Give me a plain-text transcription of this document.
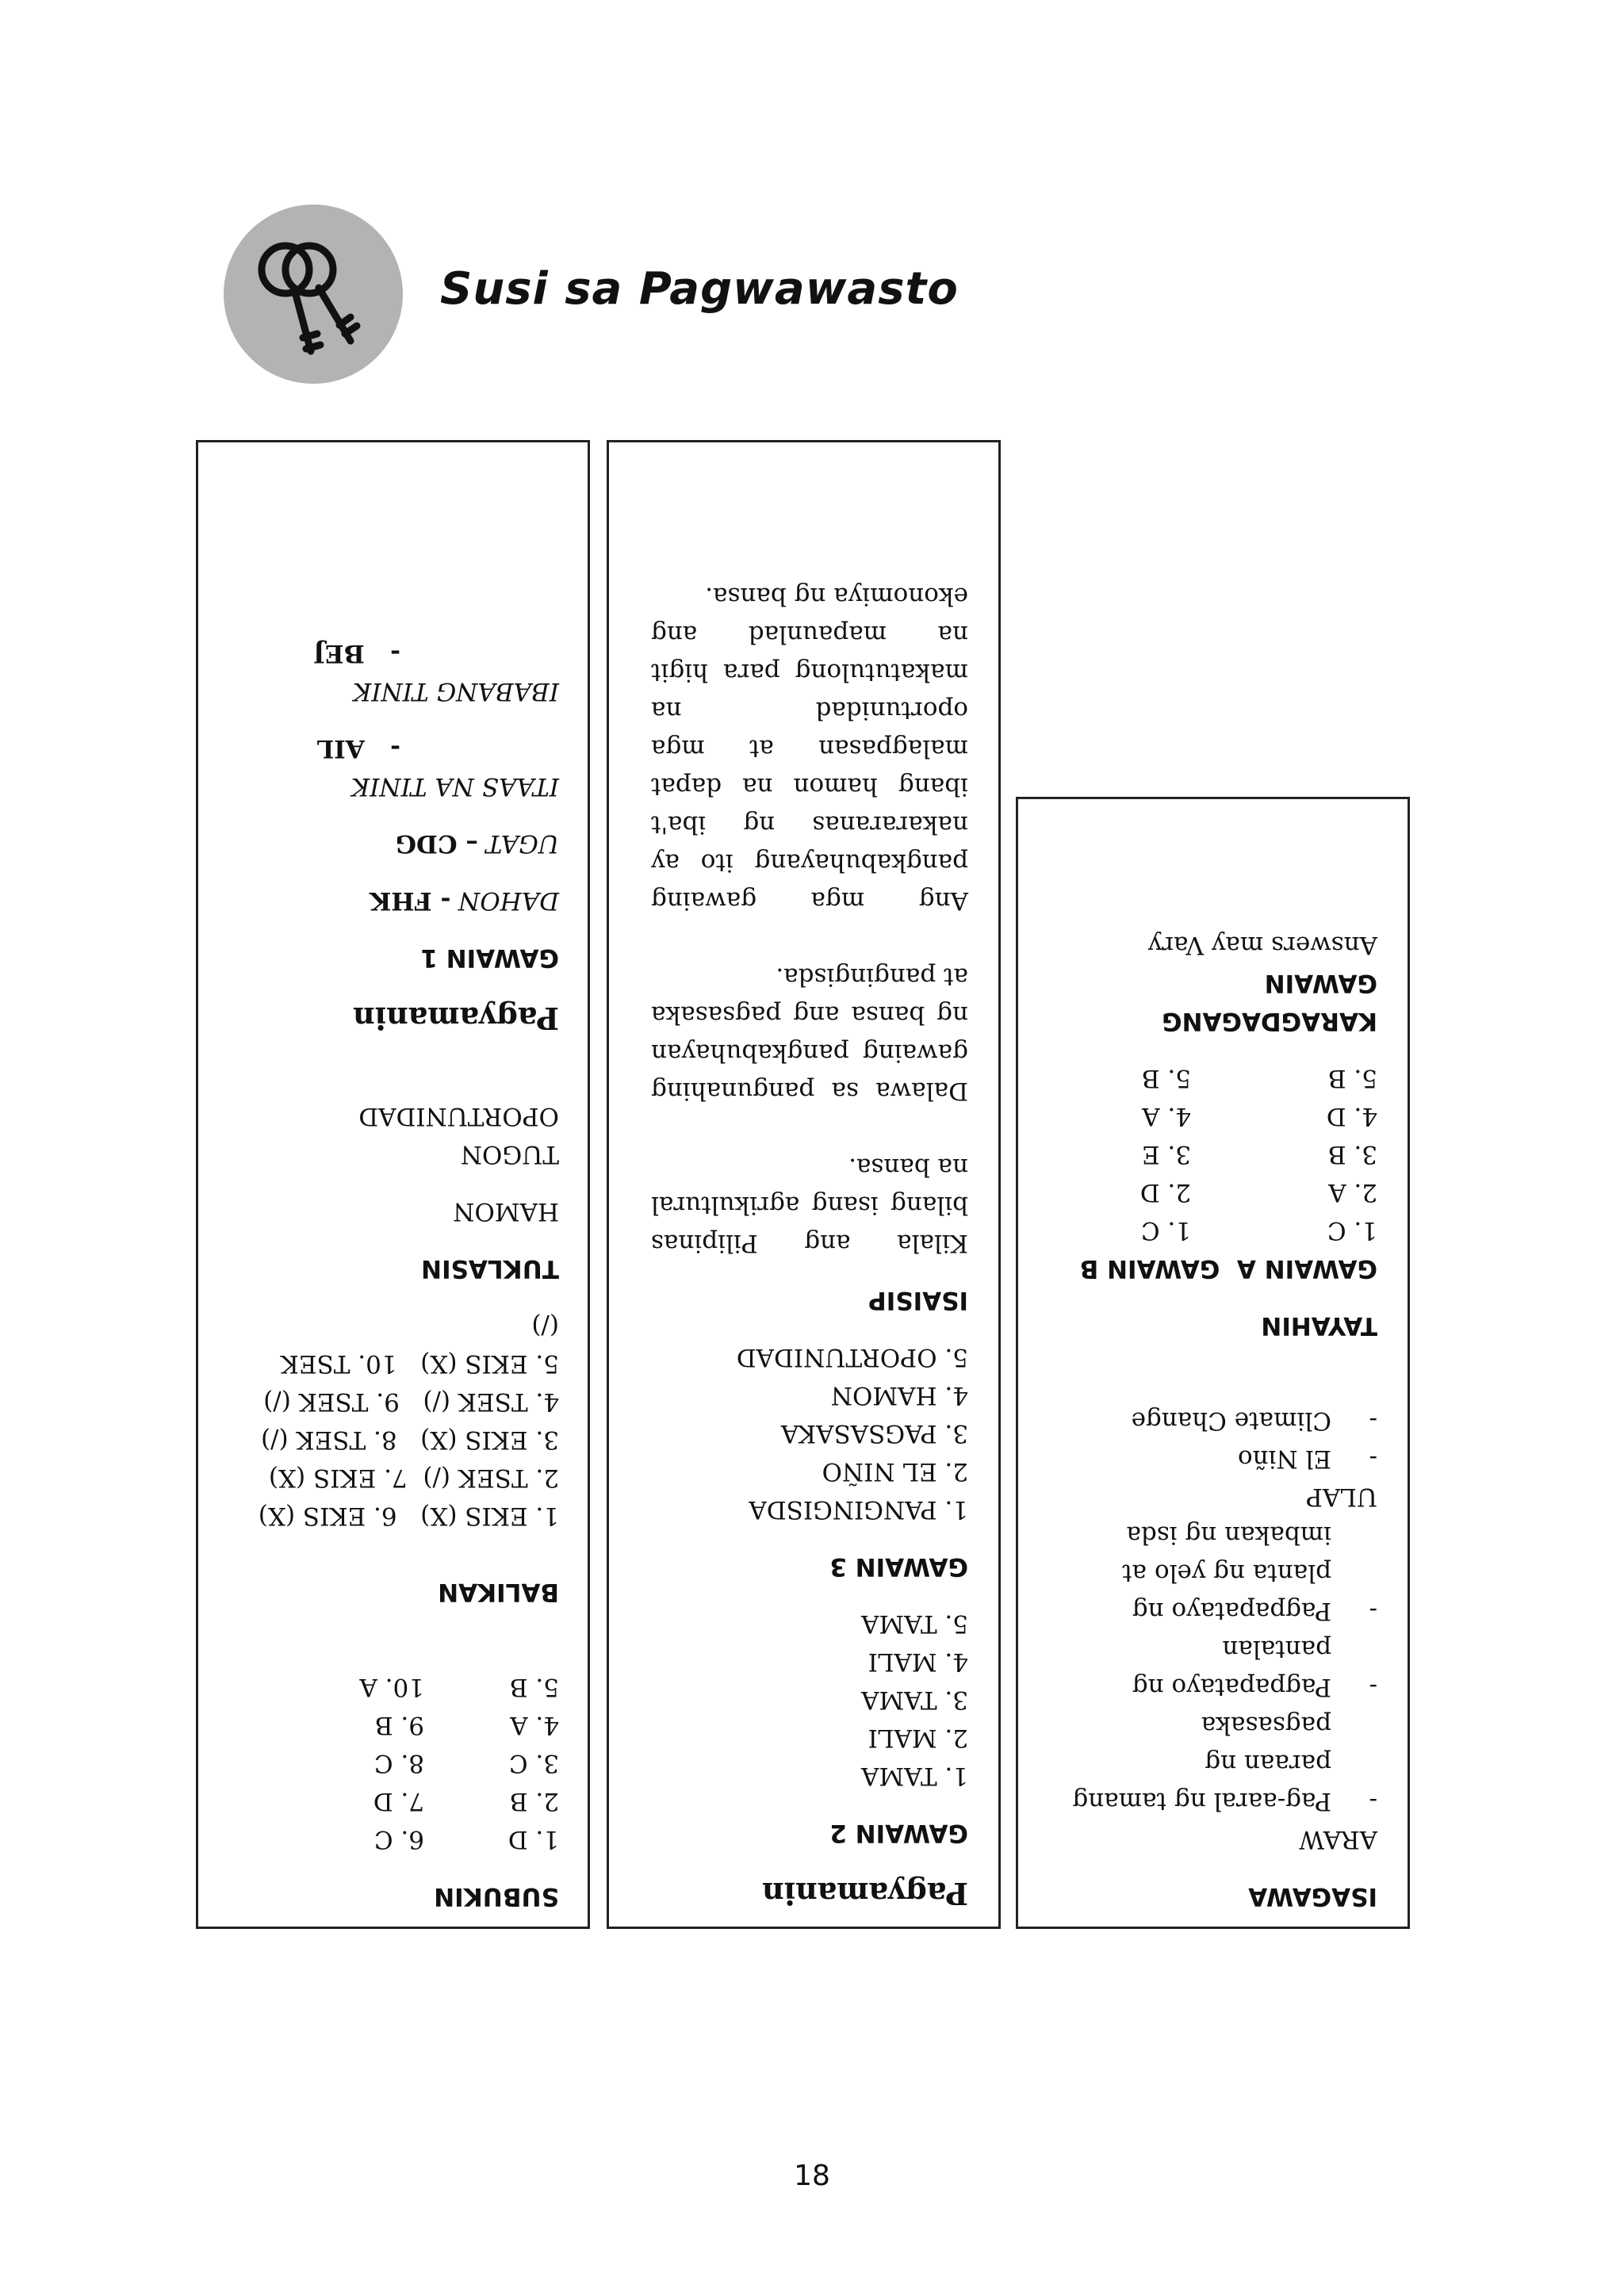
Susi sa Pagwawasto
SUBUKIN
1. D
6. C
2. B
7. D
3. C
8. C
4. A
9. B
5. B
10. A
BALIKAN
1. EKIS (X)   6. EKIS (X)
2. TSEK (/)  7. EKIS (X)
3. EKIS (X)   8. TSEK (/)
4. TSEK (/)   9. TSEK (/)
5. EKIS (X)   10. TSEK
(/)
TUKLASIN
HAMON
TUGON
OPORTUNIDAD
Pagyamanin
GAWAIN 1
DAHON - FHK
UGAT – CDG
ITAAS NA TINIK
-   AIL
IBABANG TINIK
-   BEJ
Pagyamanin
GAWAIN 2
1. TAMA
2. MALI
3. TAMA
4. MALI
5. TAMA
GAWAIN 3
1. PANGINGISDA
2. EL NIÑO
3. PAGSASAKA
4. HAMON
5. OPORTUNIDAD
ISAISIP
Kilala ang Pilipinas bilang isang agrikultural na bansa.
Dalawa sa pangunahing gawaing pangkabuhayan ng bansa ang pagsasaka at pangingisda.
Ang mga gawaing pangkabuhayang ito ay nakararanas ng iba't ibang hamon na dapat malagpasan at mga oportunidad na makatutulong para higit na mapaunlad ang ekonomiya ng bansa.
ISAGAWA
ARAW
-
Pag-aaral ng tamang paraan ng pagsasaka
-
Pagpapatayo ng pantalan
-
Pagpapatayo ng planta ng yelo at imbakan ng isda
ULAP
-
El Niño
-
Climate Change
TAYAHIN
GAWAIN A  GAWAIN B
1. C
1. C
2. A
2. D
3. B
3. E
4. D
4. A
5. B
5. B
KARAGDAGANG
GAWAIN
Answers may Vary
18
